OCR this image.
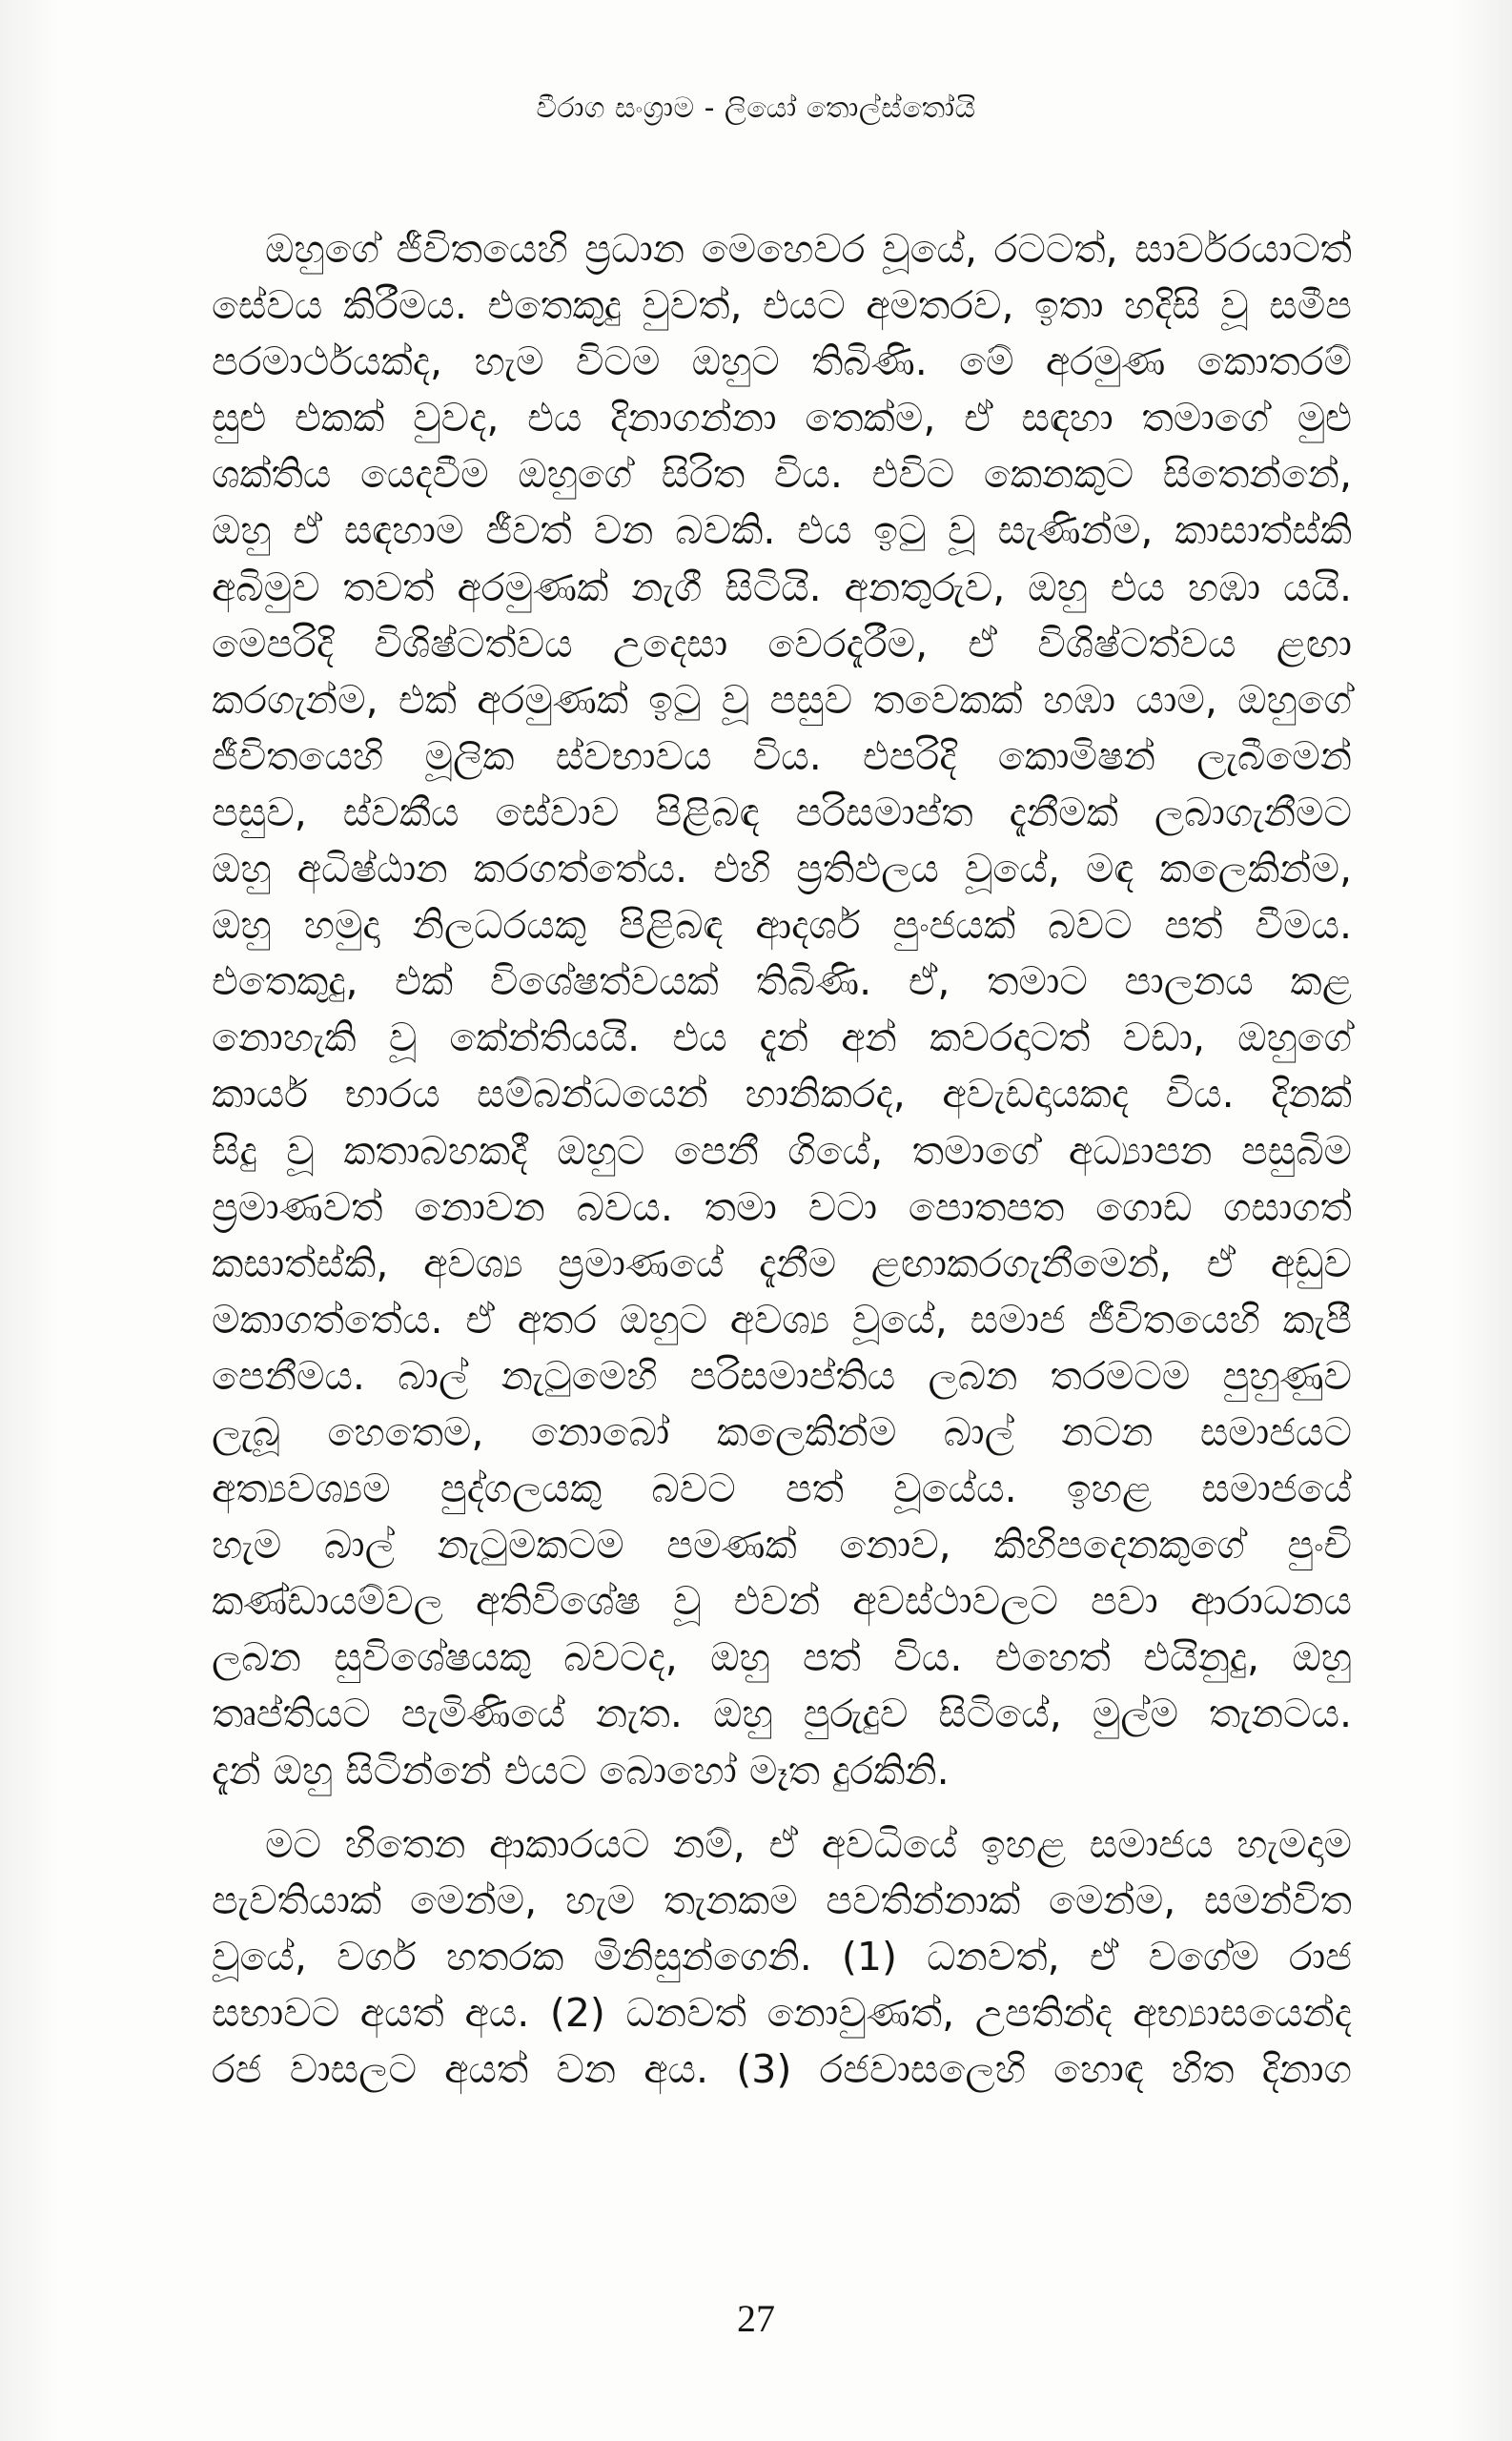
වීරාග සංග්‍රාම - ලියෝ තොල්ස්තෝයි
ඔහුගේ ජීවිතයෙහි ප්‍රධාන මෙහෙවර වූයේ, රටටත්, සාර්වරයාටත්
සේවය කිරීමය. එතෙකුදු වුවත්, එයට අමතරව, ඉතා හදිසි වූ සමීප
පරමාර්ථයක්ද, හැම විටම ඔහුට තිබිණි. මේ අරමුණ කොතරම්
සුළු එකක් වුවද, එය දිනාගන්නා තෙක්ම, ඒ සඳහා තමාගේ මුළු
ශක්තිය යෙදවීම ඔහුගේ සිරිත විය. එවිට කෙනකුට සිතෙන්නේ,
ඔහු ඒ සඳහාම ජීවත් වන බවකි. එය ඉටු වූ සැණින්ම, කාසාත්ස්කි
අබිමුව තවත් අරමුණක් නැගී සිටියි. අනතුරුව, ඔහු එය හඹා යයි.
මෙපරිදි විශිෂ්ටත්වය උදෙසා වෙරදැරීම, ඒ විශිෂ්ටත්වය ළඟා
කරගැන්ම, එක් අරමුණක් ඉටු වූ පසුව තවෙකක් හඹා යාම, ඔහුගේ
ජීවිතයෙහි මූලික ස්වභාවය විය. එපරිදි කොමිෂන් ලැබීමෙන්
පසුව, ස්වකීය සේවාව පිළිබඳ පරිසමාප්ත දැනීමක් ලබාගැනීමට
ඔහු අධිෂ්ඨාන කරගත්තේය. එහි ප්‍රතිඵලය වූයේ, මඳ කලෙකින්ම,
ඔහු හමුදා නිලධරයකු පිළිබඳ ආදර්ශ පුංජයක් බවට පත් වීමය.
එතෙකුදු, එක් විශේෂත්වයක් තිබිණි. ඒ, තමාට පාලනය කළ
නොහැකි වූ කේන්තියයි. එය දැන් අන් කවරදාටත් වඩා, ඔහුගේ
කාර්ය භාරය සම්බන්ධයෙන් හානිකරද, අවැඩදායකද විය. දිනක්
සිදු වූ කතාබහකදී ඔහුට පෙනී ගියේ, තමාගේ අධ්‍යාපන පසුබිම
ප්‍රමාණවත් නොවන බවය. තමා වටා පොතපත ගොඩ ගසාගත්
කසාත්ස්කි, අවශ්‍ය ප්‍රමාණයේ දැනීම ළඟාකරගැනීමෙන්, ඒ අඩුව
මකාගත්තේය. ඒ අතර ඔහුට අවශ්‍ය වූයේ, සමාජ ජීවිතයෙහි කැපී
පෙනීමය. බාල් නැටුමෙහි පරිසමාප්තිය ලබන තරමටම පුහුණුව
ලැබූ හෙතෙම, නොබෝ කලෙකින්ම බාල් නටන සමාජයට
අත්‍යවශ්‍යම පුද්ගලයකු බවට පත් වූයේය. ඉහළ සමාජයේ
හැම බාල් නැටුමකටම පමණක් නොව, කිහිපදෙනකුගේ පුංචි
කණ්ඩායම්වල අතිවිශේෂ වූ එවන් අවස්ථාවලට පවා ආරාධනය
ලබන සුවිශේෂයකු බවටද, ඔහු පත් විය. එහෙත් එයිනුදු, ඔහු
තෘප්තියට පැමිණියේ නැත. ඔහු පුරුදුව සිටියේ, මුල්ම තැනටය.
දැන් ඔහු සිටින්නේ එයට බොහෝ මෑත දුරකිනි.
මට හිතෙන ආකාරයට නම්, ඒ අවධියේ ඉහළ සමාජය හැමදාම
පැවතියාක් මෙන්ම, හැම තැනකම පවතින්නාක් මෙන්ම, සමන්විත
වූයේ, වර්ග හතරක මිනිසුන්ගෙනි. (1) ධනවත්, ඒ වගේම රාජ
සභාවට අයත් අය. (2) ධනවත් නොවුණත්, උපතින්ද අභ්‍යාසයෙන්ද
රජ වාසලට අයත් වන අය. (3) රජවාසලෙහි හොඳ හිත දිනාග
27
